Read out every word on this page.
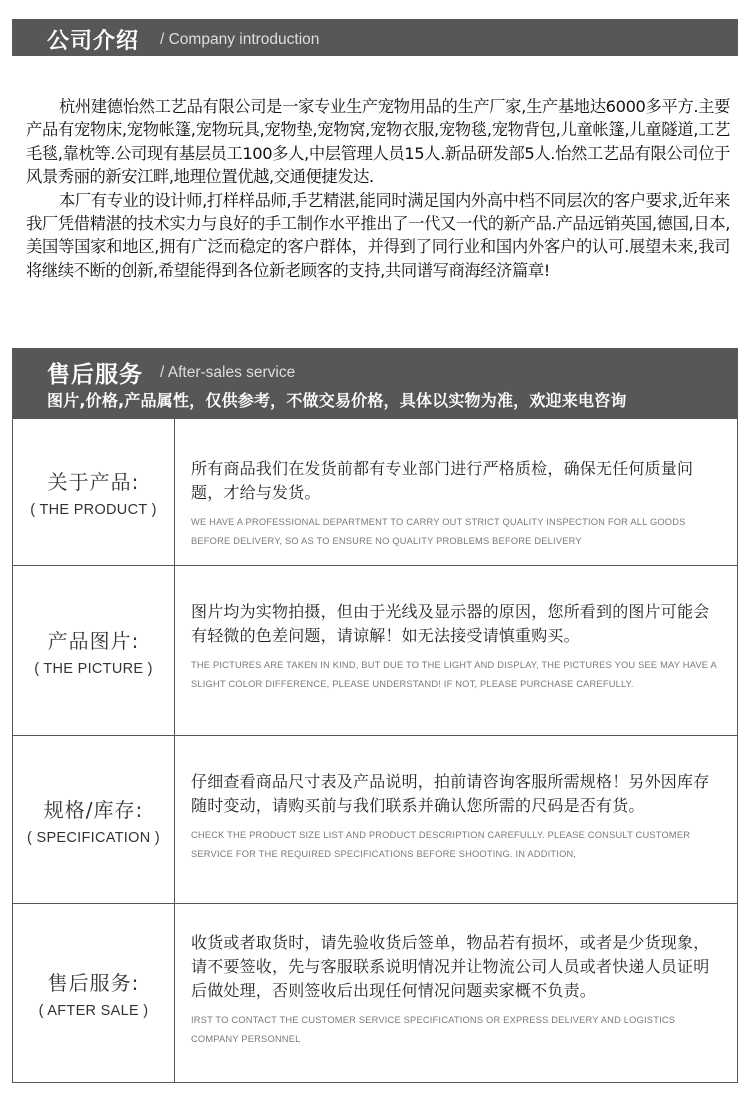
公司介绍 / Company introduction

杭州建德怡然工艺品有限公司是一家专业生产宠物用品的生产厂家,生产基地达6000多平方.主要产品有宠物床,宠物帐篷,宠物玩具,宠物垫,宠物窝,宠物衣服,宠物毯,宠物背包,儿童帐篷,儿童隧道,工艺毛毯,靠枕等.公司现有基层员工100多人,中层管理人员15人.新品研发部5人.怡然工艺品有限公司位于风景秀丽的新安江畔,地理位置优越,交通便捷发达.

本厂有专业的设计师,打样样品师,手艺精湛,能同时满足国内外高中档不同层次的客户要求,近年来我厂凭借精湛的技术实力与良好的手工制作水平推出了一代又一代的新产品.产品远销英国,德国,日本,美国等国家和地区,拥有广泛而稳定的客户群体，并得到了同行业和国内外客户的认可.展望未来,我司将继续不断的创新,希望能得到各位新老顾客的支持,共同谱写商海经济篇章!

售后服务 / After-sales service
图片,价格,产品属性，仅供参考，不做交易价格，具体以实物为准，欢迎来电咨询
关于产品:
( THE PRODUCT )
所有商品我们在发货前都有专业部门进行严格质检，确保无任何质量问题，才给与发货。
WE HAVE A PROFESSIONAL DEPARTMENT TO CARRY OUT STRICT QUALITY INSPECTION FOR ALL GOODS BEFORE DELIVERY, SO AS TO ENSURE NO QUALITY PROBLEMS BEFORE DELIVERY
产品图片:
( THE PICTURE )
图片均为实物拍摄，但由于光线及显示器的原因，您所看到的图片可能会有轻微的色差问题，请谅解！如无法接受请慎重购买。
THE PICTURES ARE TAKEN IN KIND, BUT DUE TO THE LIGHT AND DISPLAY, THE PICTURES YOU SEE MAY HAVE A SLIGHT COLOR DIFFERENCE, PLEASE UNDERSTAND! IF NOT, PLEASE PURCHASE CAREFULLY.
规格/库存:
( SPECIFICATION )
仔细查看商品尺寸表及产品说明，拍前请咨询客服所需规格！另外因库存随时变动，请购买前与我们联系并确认您所需的尺码是否有货。
CHECK THE PRODUCT SIZE LIST AND PRODUCT DESCRIPTION CAREFULLY. PLEASE CONSULT CUSTOMER SERVICE FOR THE REQUIRED SPECIFICATIONS BEFORE SHOOTING. IN ADDITION,
售后服务:
( AFTER SALE )
收货或者取货时，请先验收货后签单，物品若有损坏，或者是少货现象，请不要签收，先与客服联系说明情况并让物流公司人员或者快递人员证明后做处理，否则签收后出现任何情况问题卖家概不负责。
IRST TO CONTACT THE CUSTOMER SERVICE SPECIFICATIONS OR EXPRESS DELIVERY AND LOGISTICS COMPANY PERSONNEL
